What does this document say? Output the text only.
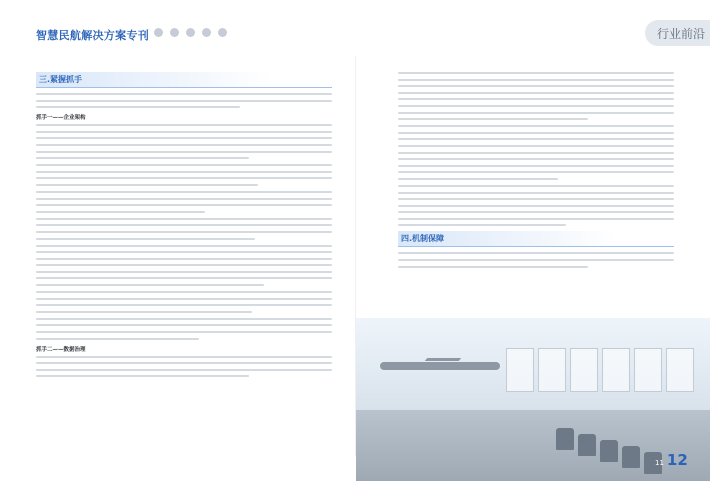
智慧民航解决方案专刊	行业前沿
三.紧握抓手
抓手一——企业架构
抓手二——数据治理
四.机制保障
11 12
